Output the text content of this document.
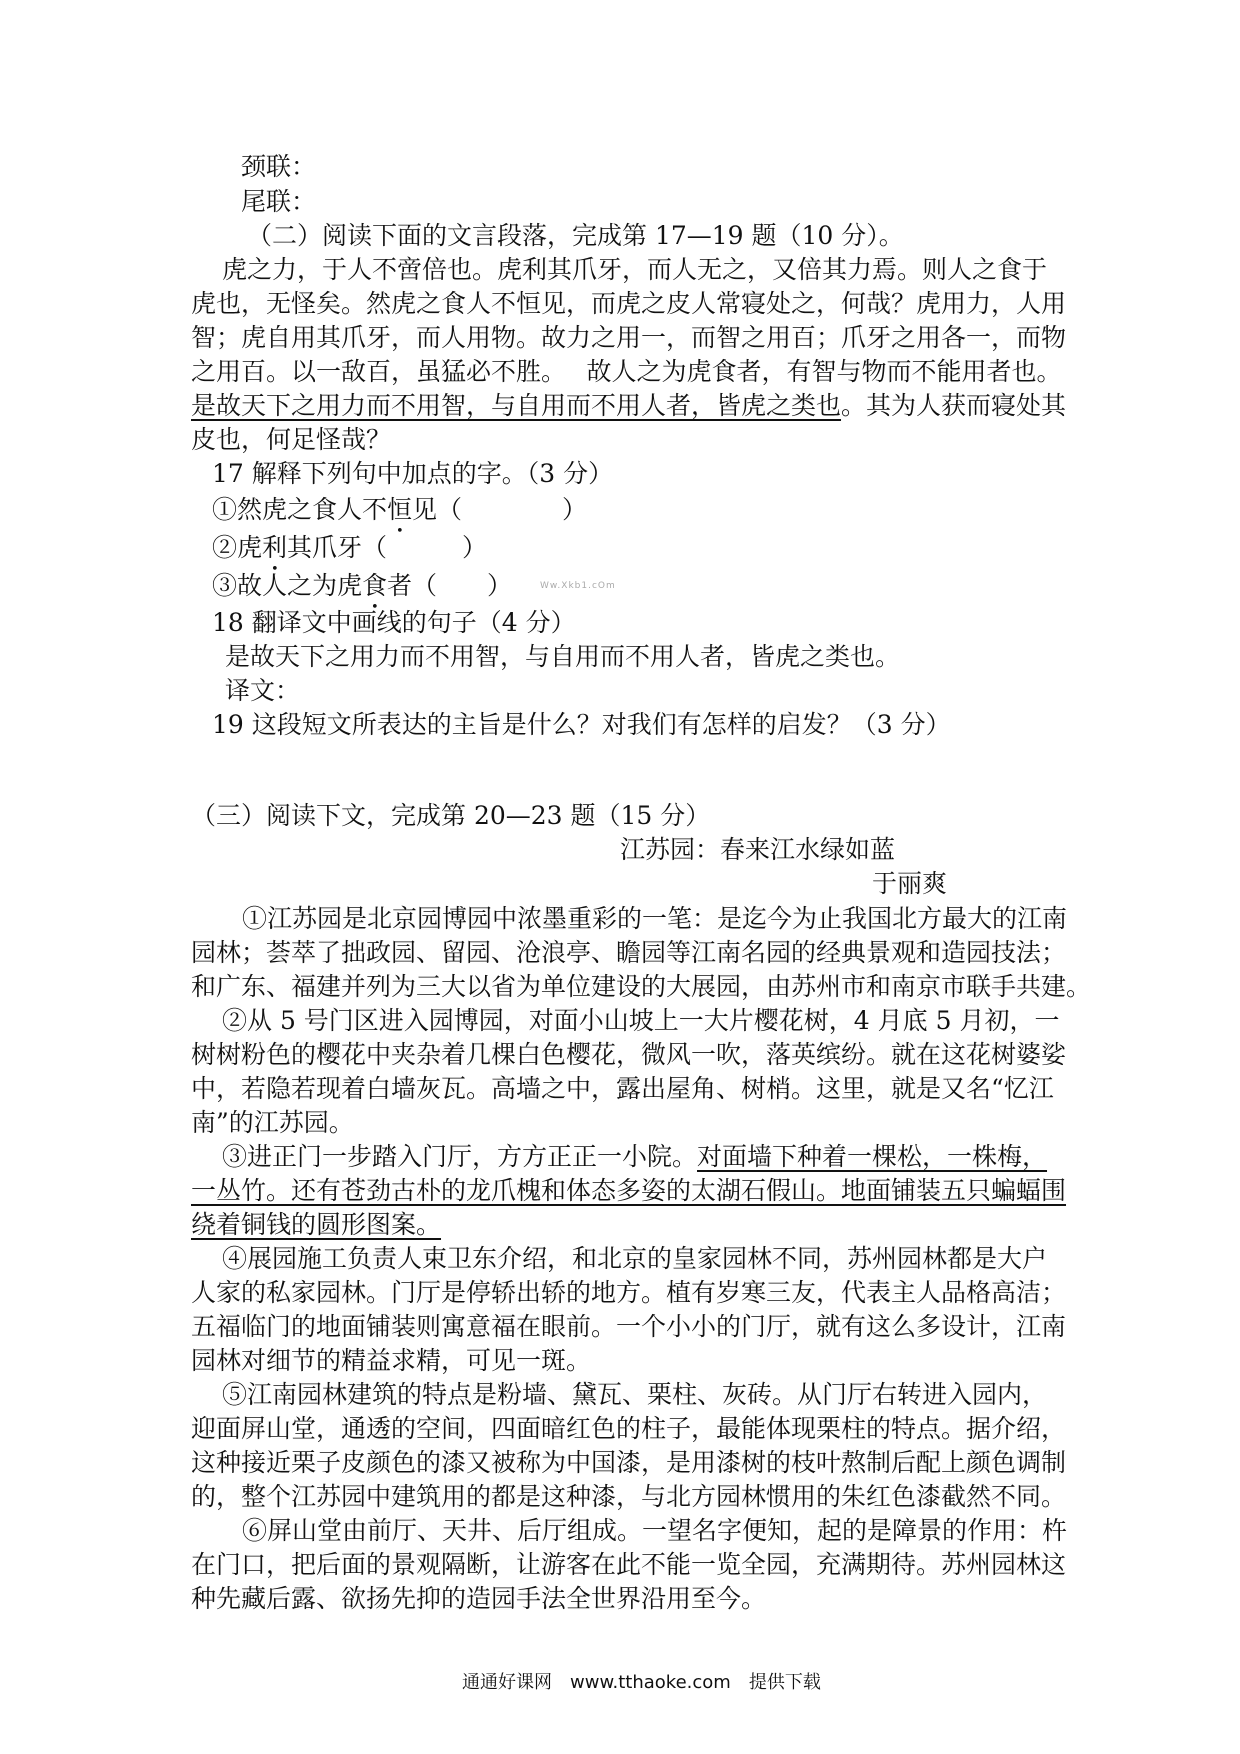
颈联：
尾联：
（二）阅读下面的文言段落，完成第 17—19 题（10 分）。
虎之力，于人不啻倍也。虎利其爪牙，而人无之，又倍其力焉。则人之食于
虎也，无怪矣。然虎之食人不恒见，而虎之皮人常寝处之，何哉？虎用力，人用
智；虎自用其爪牙，而人用物。故力之用一，而智之用百；爪牙之用各一，而物
之用百。以一敌百，虽猛必不胜。　 故人之为虎食者，有智与物而不能用者也。
是故天下之用力而不用智，与自用而不用人者，皆虎之类也。其为人获而寝处其
皮也，何足怪哉？
17 解释下列句中加点的字。（3 分）
①然虎之食人不恒见（　　　　）
②虎利其爪牙（　　　）
③故人之为虎食者（　　）	Ww.Xkb1.cOm
18 翻译文中画线的句子（4 分）
是故天下之用力而不用智，与自用而不用人者，皆虎之类也。
译文：
19 这段短文所表达的主旨是什么？对我们有怎样的启发？（3 分）
（三）阅读下文，完成第 20—23 题（15 分）
江苏园：春来江水绿如蓝
于丽爽
①江苏园是北京园博园中浓墨重彩的一笔：是迄今为止我国北方最大的江南
园林；荟萃了拙政园、留园、沧浪亭、瞻园等江南名园的经典景观和造园技法；
和广东、福建并列为三大以省为单位建设的大展园，由苏州市和南京市联手共建。
②从 5 号门区进入园博园，对面小山坡上一大片樱花树，4 月底 5 月初，一
树树粉色的樱花中夹杂着几棵白色樱花，微风一吹，落英缤纷。就在这花树婆娑
中，若隐若现着白墙灰瓦。高墙之中，露出屋角、树梢。这里，就是又名“忆江
南”的江苏园。
③进正门一步踏入门厅，方方正正一小院。对面墙下种着一棵松，一株梅，
一丛竹。还有苍劲古朴的龙爪槐和体态多姿的太湖石假山。地面铺装五只蝙蝠围
绕着铜钱的圆形图案。
④展园施工负责人束卫东介绍，和北京的皇家园林不同，苏州园林都是大户
人家的私家园林。门厅是停轿出轿的地方。植有岁寒三友，代表主人品格高洁；
五福临门的地面铺装则寓意福在眼前。一个小小的门厅，就有这么多设计，江南
园林对细节的精益求精，可见一斑。
⑤江南园林建筑的特点是粉墙、黛瓦、栗柱、灰砖。从门厅右转进入园内，
迎面屏山堂，通透的空间，四面暗红色的柱子，最能体现栗柱的特点。据介绍，
这种接近栗子皮颜色的漆又被称为中国漆，是用漆树的枝叶熬制后配上颜色调制
的，整个江苏园中建筑用的都是这种漆，与北方园林惯用的朱红色漆截然不同。
⑥屏山堂由前厅、天井、后厅组成。一望名字便知，起的是障景的作用：杵
在门口，把后面的景观隔断，让游客在此不能一览全园，充满期待。苏州园林这
种先藏后露、欲扬先抑的造园手法全世界沿用至今。
通通好课网　www.tthaoke.com　提供下载
